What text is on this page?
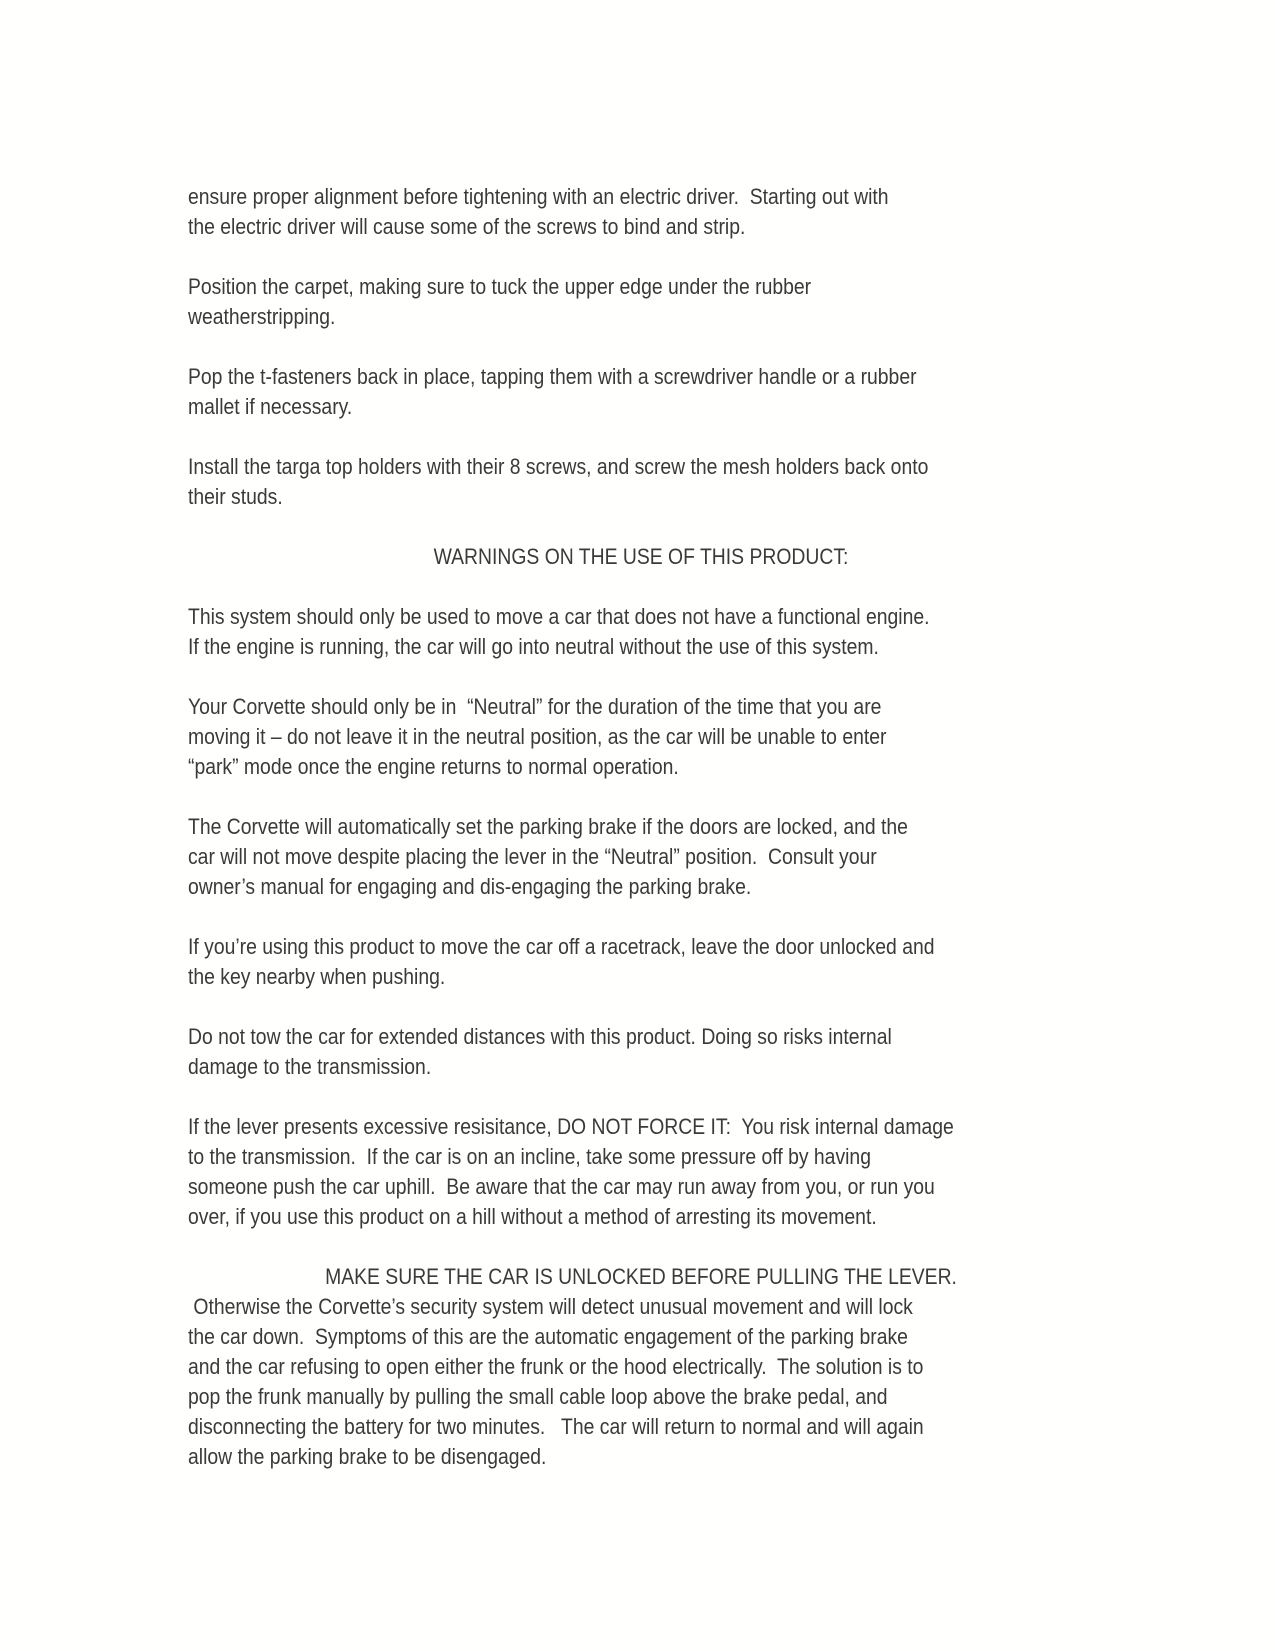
ensure proper alignment before tightening with an electric driver.  Starting out with
the electric driver will cause some of the screws to bind and strip.
Position the carpet, making sure to tuck the upper edge under the rubber
weatherstripping.
Pop the t-fasteners back in place, tapping them with a screwdriver handle or a rubber
mallet if necessary.
Install the targa top holders with their 8 screws, and screw the mesh holders back onto
their studs.
WARNINGS ON THE USE OF THIS PRODUCT:
This system should only be used to move a car that does not have a functional engine.
If the engine is running, the car will go into neutral without the use of this system.
Your Corvette should only be in  “Neutral” for the duration of the time that you are
moving it – do not leave it in the neutral position, as the car will be unable to enter
“park” mode once the engine returns to normal operation.
The Corvette will automatically set the parking brake if the doors are locked, and the
car will not move despite placing the lever in the “Neutral” position.  Consult your
owner’s manual for engaging and dis-engaging the parking brake.
If you’re using this product to move the car off a racetrack, leave the door unlocked and
the key nearby when pushing.
Do not tow the car for extended distances with this product. Doing so risks internal
damage to the transmission.
If the lever presents excessive resisitance, DO NOT FORCE IT:  You risk internal damage
to the transmission.  If the car is on an incline, take some pressure off by having
someone push the car uphill.  Be aware that the car may run away from you, or run you
over, if you use this product on a hill without a method of arresting its movement.
MAKE SURE THE CAR IS UNLOCKED BEFORE PULLING THE LEVER.
Otherwise the Corvette’s security system will detect unusual movement and will lock
the car down.  Symptoms of this are the automatic engagement of the parking brake
and the car refusing to open either the frunk or the hood electrically.  The solution is to
pop the frunk manually by pulling the small cable loop above the brake pedal, and
disconnecting the battery for two minutes.   The car will return to normal and will again
allow the parking brake to be disengaged.
